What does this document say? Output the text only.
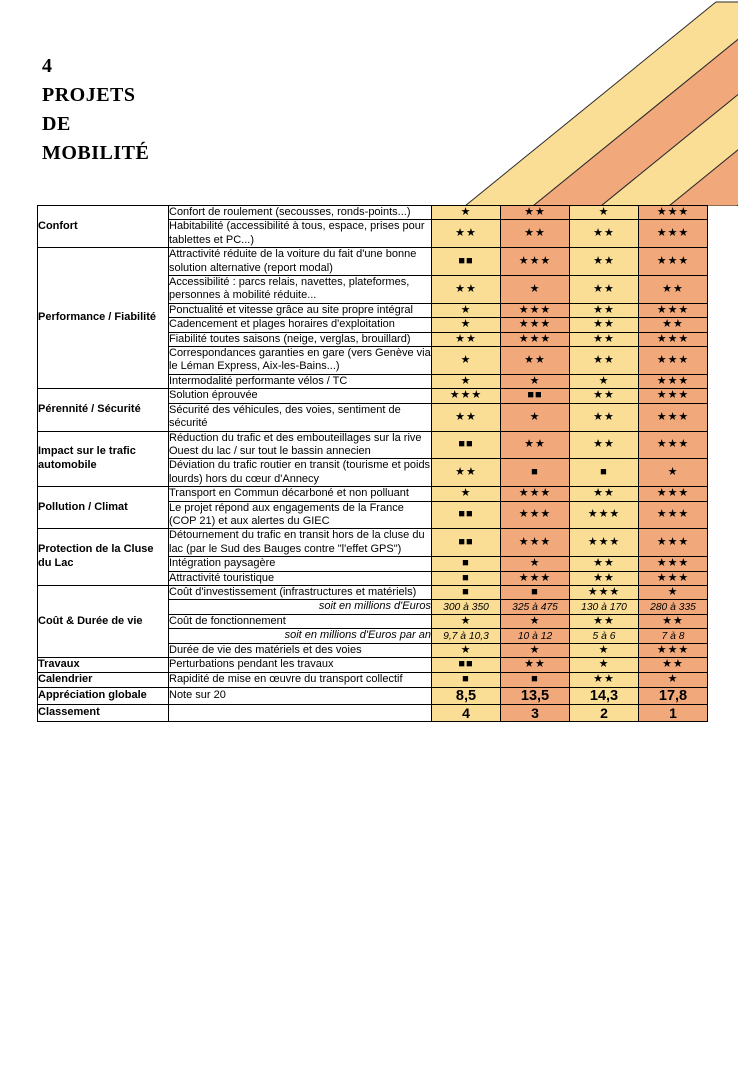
4
PROJETS
DE
MOBILITÉ
Confort	Confort de roulement (secousses, ronds-points...)	★	★★	★	★★★

	Habitabilité (accessibilité à tous, espace, prises pour tablettes et PC...)	★★	★★	★★	★★★

Performance / Fiabilité	Attractivité réduite de la voiture du fait d'une bonne solution alternative (report modal)	■■	★★★	★★	★★★

	Accessibilité : parcs relais, navettes, plateformes, personnes à mobilité réduite...	★★	★	★★	★★

	Ponctualité et vitesse grâce au site propre intégral	★	★★★	★★	★★★

	Cadencement et plages horaires d'exploitation	★	★★★	★★	★★

	Fiabilité toutes saisons (neige, verglas, brouillard)	★★	★★★	★★	★★★

	Correspondances garanties en gare (vers Genève via le Léman Express, Aix-les-Bains...)	★	★★	★★	★★★

	Intermodalité performante vélos / TC	★	★	★	★★★

Pérennité / Sécurité	Solution éprouvée	★★★	■■	★★	★★★

	Sécurité des véhicules, des voies, sentiment de sécurité	★★	★	★★	★★★

Impact sur le trafic automobile	Réduction du trafic et des embouteillages sur la rive Ouest du lac / sur tout le bassin annecien	■■	★★	★★	★★★

	Déviation du trafic routier en transit (tourisme et poids lourds) hors du cœur d'Annecy	★★	■	■	★

Pollution / Climat	Transport en Commun décarboné et non polluant	★	★★★	★★	★★★

	Le projet répond aux engagements de la France (COP 21) et aux alertes du GIEC	■■	★★★	★★★	★★★

Protection de la Cluse du Lac	Détournement du trafic en transit hors de la cluse du lac (par le Sud des Bauges contre "l'effet GPS")	■■	★★★	★★★	★★★

	Intégration paysagère	■	★	★★	★★★

	Attractivité touristique	■	★★★	★★	★★★

Coût & Durée de vie	Coût d'investissement (infrastructures et matériels)	■	■	★★★	★

	soit en millions d'Euros	300 à 350	325 à 475	130 à 170	280 à 335
	Coût de fonctionnement	★	★	★★	★★

	soit en millions d'Euros par an	9,7 à 10,3	10 à 12	5 à 6	7 à 8
	Durée de vie des matériels et des voies	★	★	★	★★★

Travaux	Perturbations pendant les travaux	■■	★★	★	★★

Calendrier	Rapidité de mise en œuvre du transport collectif	■	■	★★	★

Appréciation globale	Note sur 20	8,5	13,5	14,3	17,8
Classement		4	3	2	1
